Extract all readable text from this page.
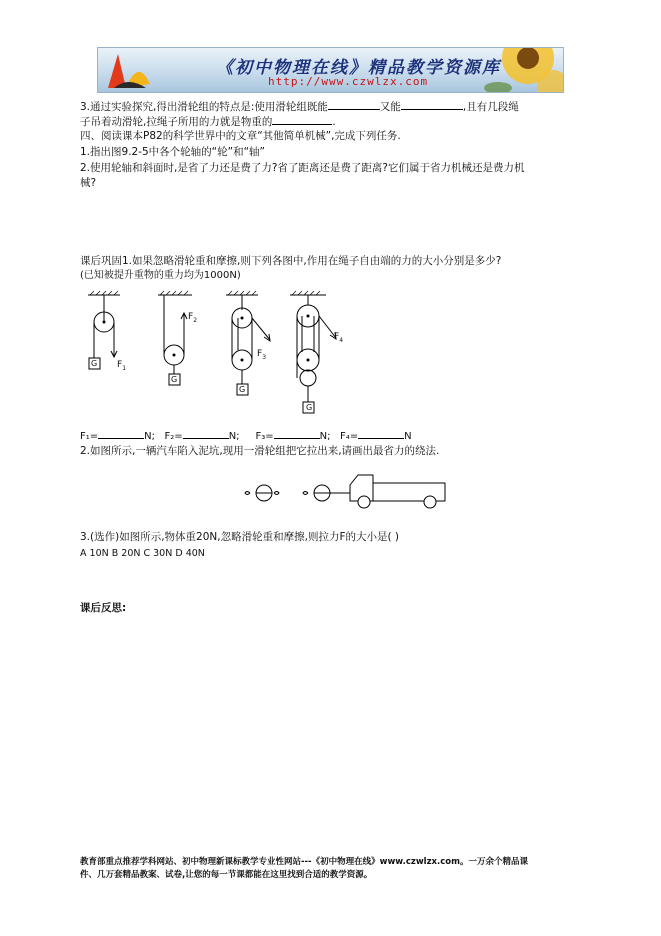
《初中物理在线》精品教学资源库
http://www.czwlzx.com
3.通过实验探究,得出滑轮组的特点是:使用滑轮组既能	又能	,且有几段绳
子吊着动滑轮,拉绳子所用的力就是物重的	.
四、阅读课本P82的科学世界中的文章“其他简单机械”,完成下列任务.
1.指出图9.2-5中各个轮轴的“轮”和“轴”
2.使用轮轴和斜面时,是省了力还是费了力?省了距离还是费了距离?它们属于省力机械还是费力机
械?
课后巩固1.如果忽略滑轮重和摩擦,则下列各图中,作用在绳子自由端的力的大小分别是多少?
(已知被提升重物的重力均为1000N)
G $F_1$
G
$F_2$
G
$F_3$
G
$F_4$
F₁=	N; F₂=	N; F₃=	N; F₄=	N
2.如图所示,一辆汽车陷入泥坑,现用一滑轮组把它拉出来,请画出最省力的绕法.
3.(选作)如图所示,物体重20N,忽略滑轮重和摩擦,则拉力F的大小是( )
A 10N B 20N C 30N D 40N
课后反思:
教育部重点推荐学科网站、初中物理新课标教学专业性网站---《初中物理在线》www.czwlzx.com。一万余个精品课
件、几万套精品教案、试卷,让您的每一节课都能在这里找到合适的教学资源。
